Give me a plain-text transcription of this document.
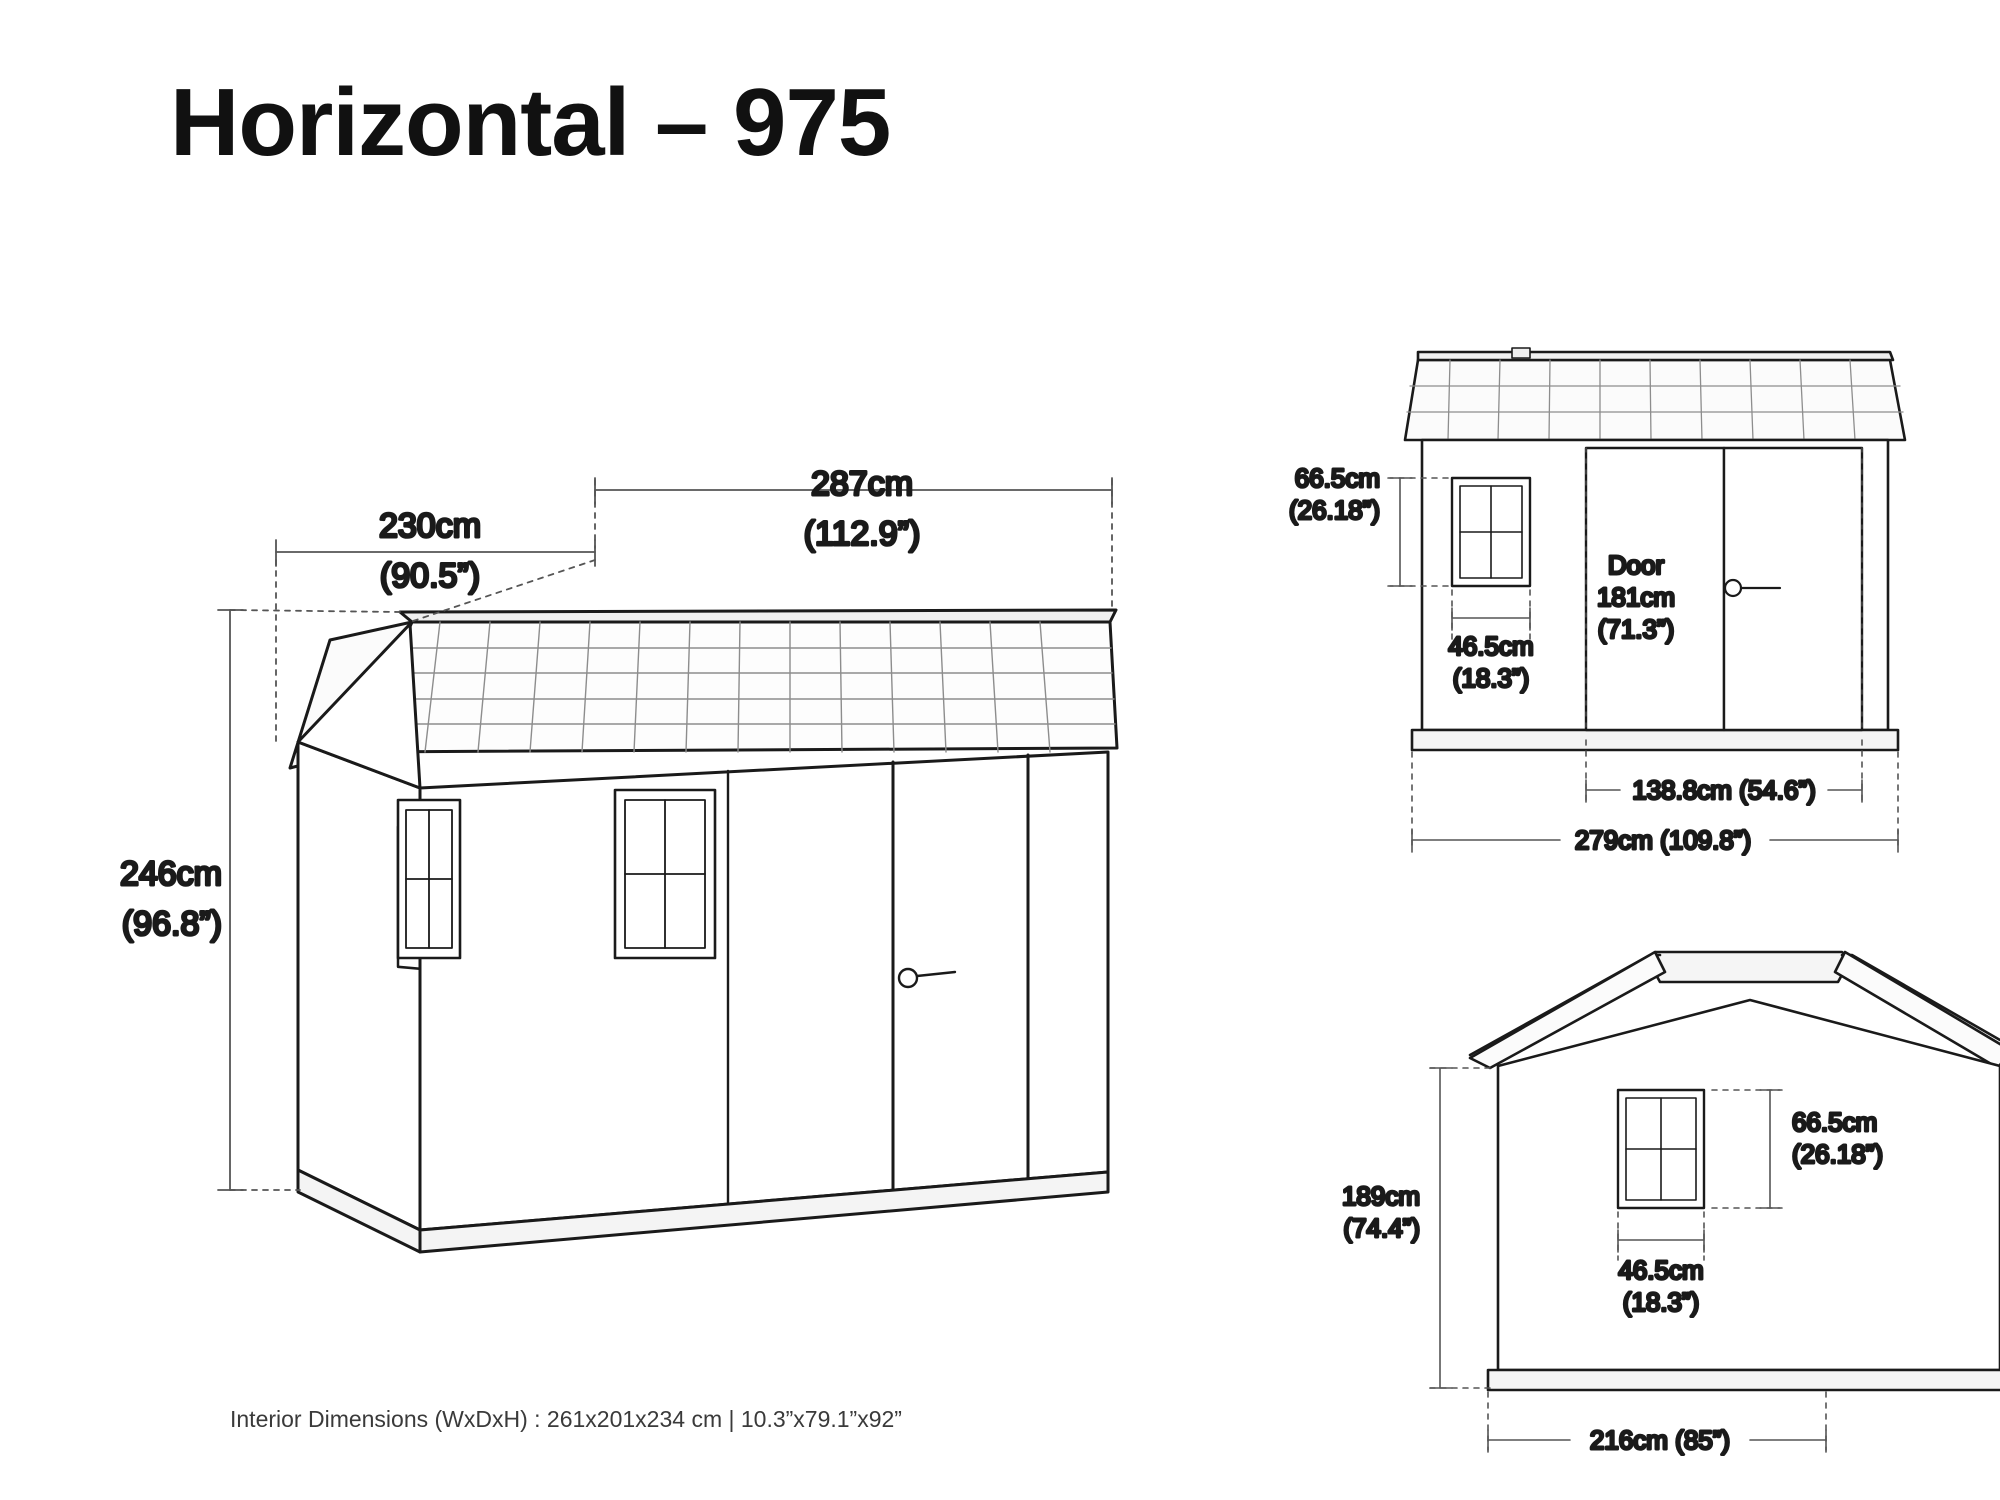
Horizontal – 975
230cm
(90.5”)
287cm
(112.9”)
246cm
(96.8”)
66.5cm
(26.18”)
46.5cm
(18.3”)
Door
181cm
(71.3”)
138.8cm (54.6”)
279cm (109.8”)
66.5cm
(26.18”)
189cm
(74.4”)
46.5cm
(18.3”)
216cm (85”)
Interior Dimensions (WxDxH) : 261x201x234 cm | 10.3”x79.1”x92”
